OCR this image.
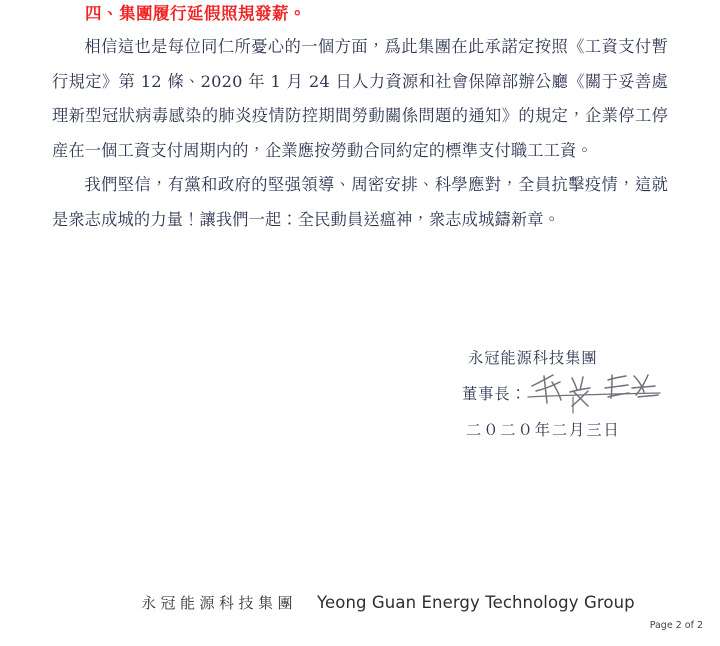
四、集團履行延假照規發薪。

相信這也是每位同仁所憂心的一個方面，爲此集團在此承諾定按照《工資支付暫行規定》第 12 條、2020 年 1 月 24 日人力資源和社會保障部辦公廳《關于妥善處理新型冠狀病毒感染的肺炎疫情防控期間勞動關係問題的通知》的規定，企業停工停産在一個工資支付周期内的，企業應按勞動合同約定的標準支付職工工資。

我們堅信，有黨和政府的堅强領導、周密安排、科學應對，全員抗擊疫情，這就是衆志成城的力量！讓我們一起：全民動員送瘟神，衆志成城鑄新章。

永冠能源科技集團
董事長：
二０二０年二月三日
永冠能源科技集團 Yeong Guan Energy Technology Group
Page 2 of 2
